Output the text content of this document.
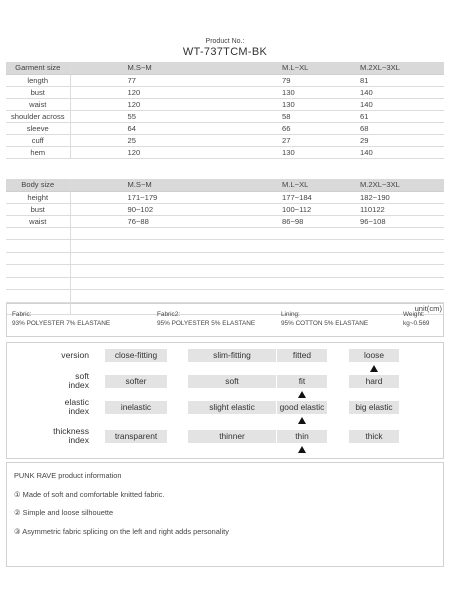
Product No.:
WT-737TCM-BK
Garment size	M.S~M	M.L~XL	M.2XL~3XL
length	77	79	81
bust	120	130	140
waist	120	130	140
shoulder across	55	58	61
sleeve	64	66	68
cuff	25	27	29
hem	120	130	140
Body size	M.S~M	M.L~XL	M.2XL~3XL
height	171~179	177~184	182~190
bust	90~102	100~112	110122
waist	76~88	86~98	96~108

	unit(cm)		
Fabric:
93% POLYESTER 7% ELASTANE
Fabric2:
95% POLYESTER 5% ELASTANE
Lining:
95% COTTON 5% ELASTANE
Weight:
kg~0.569
version	close-fitting	slim-fitting	fitted	loose
soft
index	softer	soft	fit	hard
elastic
index	inelastic	slight elastic	good elastic	big elastic
thickness
index	transparent	thinner	thin	thick
PUNK RAVE product information
① Made of soft and comfortable knitted fabric.
② Simple and loose silhouette
③ Asymmetric fabric splicing on the left and right adds personality
